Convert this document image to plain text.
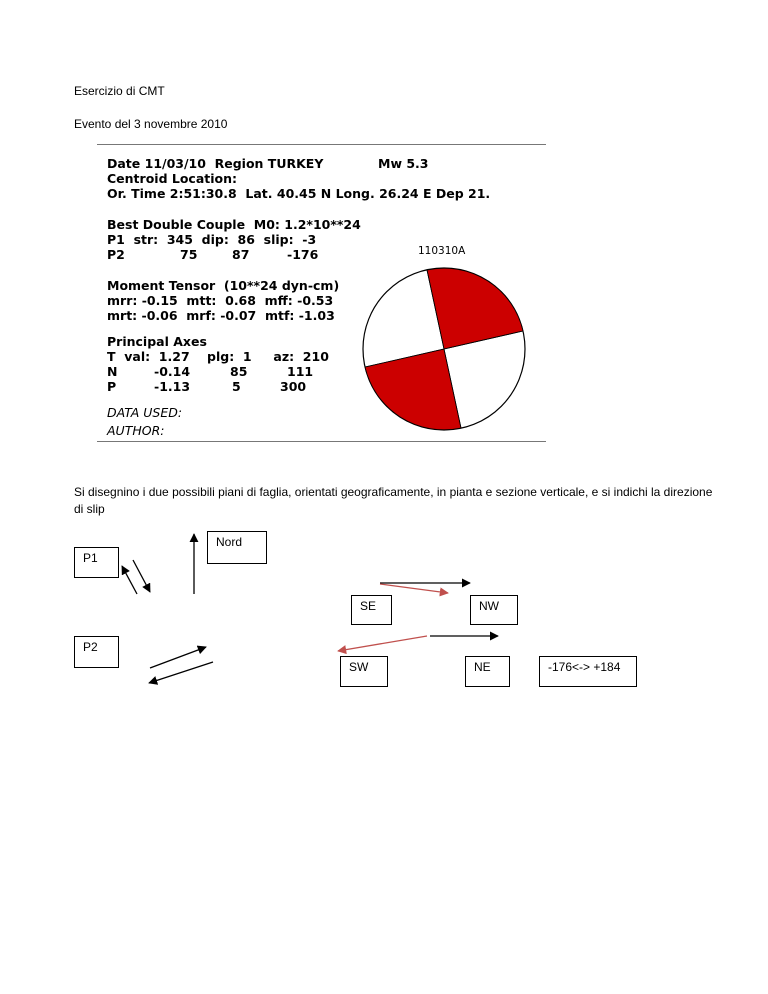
Esercizio di CMT
Evento del 3 novembre 2010
Date 11/03/10  Region TURKEY	Mw 5.3
Centroid Location:
Or. Time 2:51:30.8  Lat. 40.45 N Long. 26.24 E Dep 21.
Best Double Couple  M0: 1.2*10**24
P1  str:  345  dip:  86  slip:  -3
P2	75	87	-176	110310A
Moment Tensor  (10**24 dyn-cm)
mrr: -0.15  mtt:  0.68  mff: -0.53
mrt: -0.06  mrf: -0.07  mtf: -1.03
Principal Axes
T  val:  1.27    plg:  1     az:  210
N	-0.14	85	111
P	-1.13	5	300
DATA USED:
AUTHOR:
Si disegnino i due possibili piani di faglia, orientati geograficamente, in pianta e sezione verticale, e si indichi la direzione di slip
Nord
P1
P2
SE	NW
SW	NE	-176<-> +184
